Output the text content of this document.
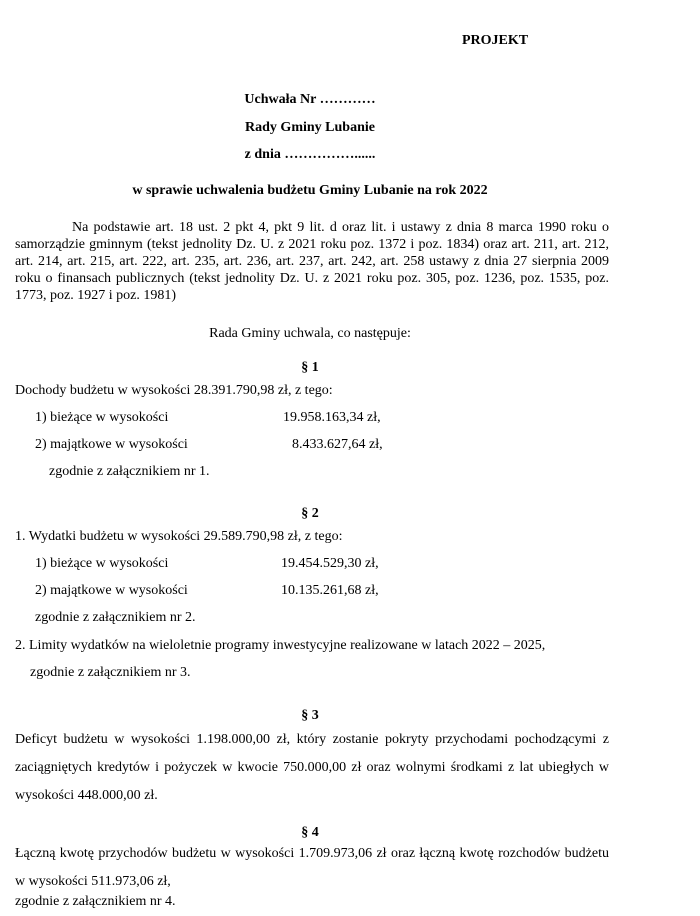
PROJEKT
Uchwała Nr …………
Rady Gminy Lubanie
z dnia ……………......
w sprawie uchwalenia budżetu Gminy Lubanie na rok 2022
Na podstawie art. 18 ust. 2 pkt 4, pkt 9 lit. d oraz lit. i ustawy z dnia 8 marca 1990 roku o samorządzie gminnym (tekst jednolity Dz. U. z 2021 roku poz. 1372 i poz. 1834) oraz art. 211, art. 212, art. 214, art. 215, art. 222, art. 235, art. 236, art. 237, art. 242, art. 258 ustawy z dnia 27 sierpnia 2009 roku o finansach publicznych (tekst jednolity Dz. U. z 2021 roku poz. 305, poz. 1236, poz. 1535, poz. 1773, poz. 1927 i poz. 1981)
Rada Gminy uchwala, co następuje:
§ 1
Dochody budżetu w wysokości 28.391.790,98 zł, z tego:
1) bieżące w wysokości	19.958.163,34 zł,
2) majątkowe w wysokości	8.433.627,64 zł,
zgodnie z załącznikiem nr 1.
§ 2
1. Wydatki budżetu w wysokości 29.589.790,98 zł, z tego:
1) bieżące w wysokości	19.454.529,30 zł,
2) majątkowe w wysokości	10.135.261,68 zł,
zgodnie z załącznikiem nr 2.
2. Limity wydatków na wieloletnie programy inwestycyjne realizowane w latach 2022 – 2025,
zgodnie z załącznikiem nr 3.
§ 3
Deficyt budżetu w wysokości 1.198.000,00 zł, który zostanie pokryty przychodami pochodzącymi z zaciągniętych kredytów i pożyczek w kwocie 750.000,00 zł oraz wolnymi środkami z lat ubiegłych w wysokości 448.000,00 zł.
§ 4
Łączną kwotę przychodów budżetu w wysokości 1.709.973,06 zł oraz łączną kwotę rozchodów budżetu w wysokości 511.973,06 zł,
zgodnie z załącznikiem nr 4.
